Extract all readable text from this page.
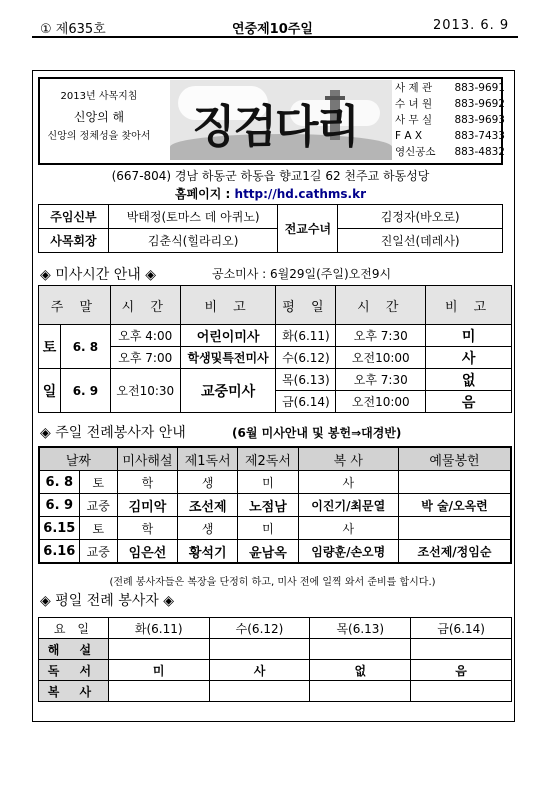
① 제635호	연중제10주일	2013. 6. 9
2013년 사목지침
신앙의 해
신앙의 정체성을 찾아서 징검다리
사 제 관 883-9691
수 녀 원 883-9692
사 무 실 883-9693
F A X	883-7433
영신공소 883-4832
(667-804) 경남 하동군 하동읍 향교1길 62 천주교 하동성당
홈페이지 : http://hd.cathms.kr
주임신부	박태정(토마스 데 아퀴노)	전교수녀	김정자(바오로)
사목회장	김춘식(힐라리오)		진일선(데레사)
◈ 미사시간 안내 ◈	공소미사 : 6월29일(주일)오전9시
주 말		시 간	비 고	평 일	시 간	비 고
토	6. 8	오후 4:00	어린이미사	화(6.11)	오후 7:30	미
		오후 7:00	학생및특전미사	수(6.12)	오전10:00	사
일	6. 9	오전10:30	교중미사	목(6.13)	오후 7:30	없
				금(6.14)	오전10:00	음
◈ 주일 전례봉사자 안내	(6월 미사안내 및 봉헌⇒대경반)
날짜		미사해설	제1독서	제2독서	복 사	예물봉헌
6. 8	토	학	생	미	사	
6. 9	교중	김미악	조선제	노점남	이진기/최문열	박 술/오옥련
6.15	토	학	생	미	사	
6.16	교중	임은선	황석기	윤남옥	임량훈/손오명	조선제/정임순
(전례 봉사자들은 복장을 단정히 하고, 미사 전에 일찍 와서 준비를 합시다.)
◈ 평일 전례 봉사자 ◈
요 일	화(6.11)	수(6.12)	목(6.13)	금(6.14)
해 설				
독 서	미	사	없	음
복 사				
